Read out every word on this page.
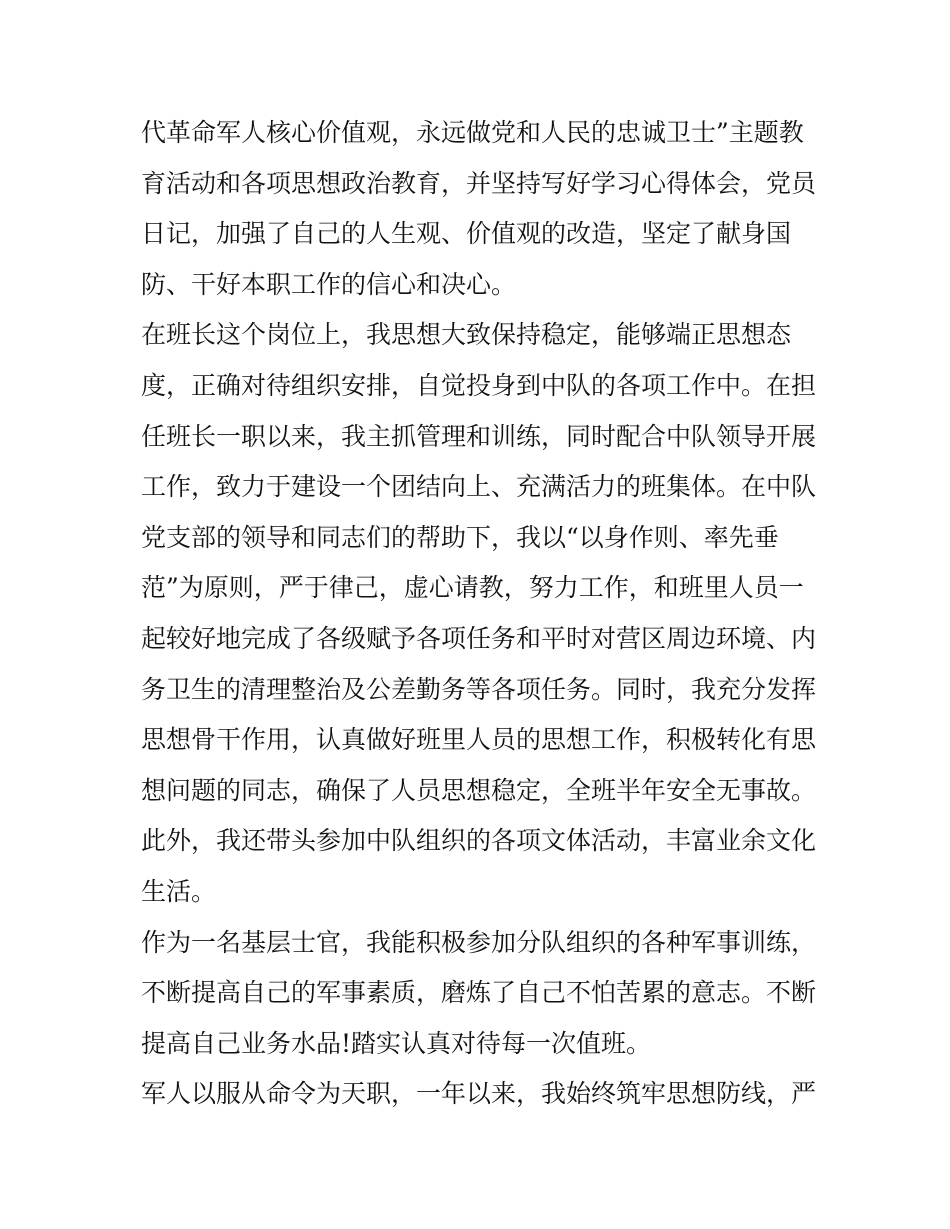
代革命军人核心价值观，永远做党和人民的忠诚卫士”主题教
育活动和各项思想政治教育，并坚持写好学习心得体会，党员
日记，加强了自己的人生观、价值观的改造，坚定了献身国
防、干好本职工作的信心和决心。
在班长这个岗位上，我思想大致保持稳定，能够端正思想态
度，正确对待组织安排，自觉投身到中队的各项工作中。在担
任班长一职以来，我主抓管理和训练，同时配合中队领导开展
工作，致力于建设一个团结向上、充满活力的班集体。在中队
党支部的领导和同志们的帮助下，我以“以身作则、率先垂
范”为原则，严于律己，虚心请教，努力工作，和班里人员一
起较好地完成了各级赋予各项任务和平时对营区周边环境、内
务卫生的清理整治及公差勤务等各项任务。同时，我充分发挥
思想骨干作用，认真做好班里人员的思想工作，积极转化有思
想问题的同志，确保了人员思想稳定，全班半年安全无事故。
此外，我还带头参加中队组织的各项文体活动，丰富业余文化
生活。
作为一名基层士官，我能积极参加分队组织的各种军事训练，
不断提高自己的军事素质，磨炼了自己不怕苦累的意志。不断
提高自己业务水品!踏实认真对待每一次值班。
军人以服从命令为天职，一年以来，我始终筑牢思想防线，严
